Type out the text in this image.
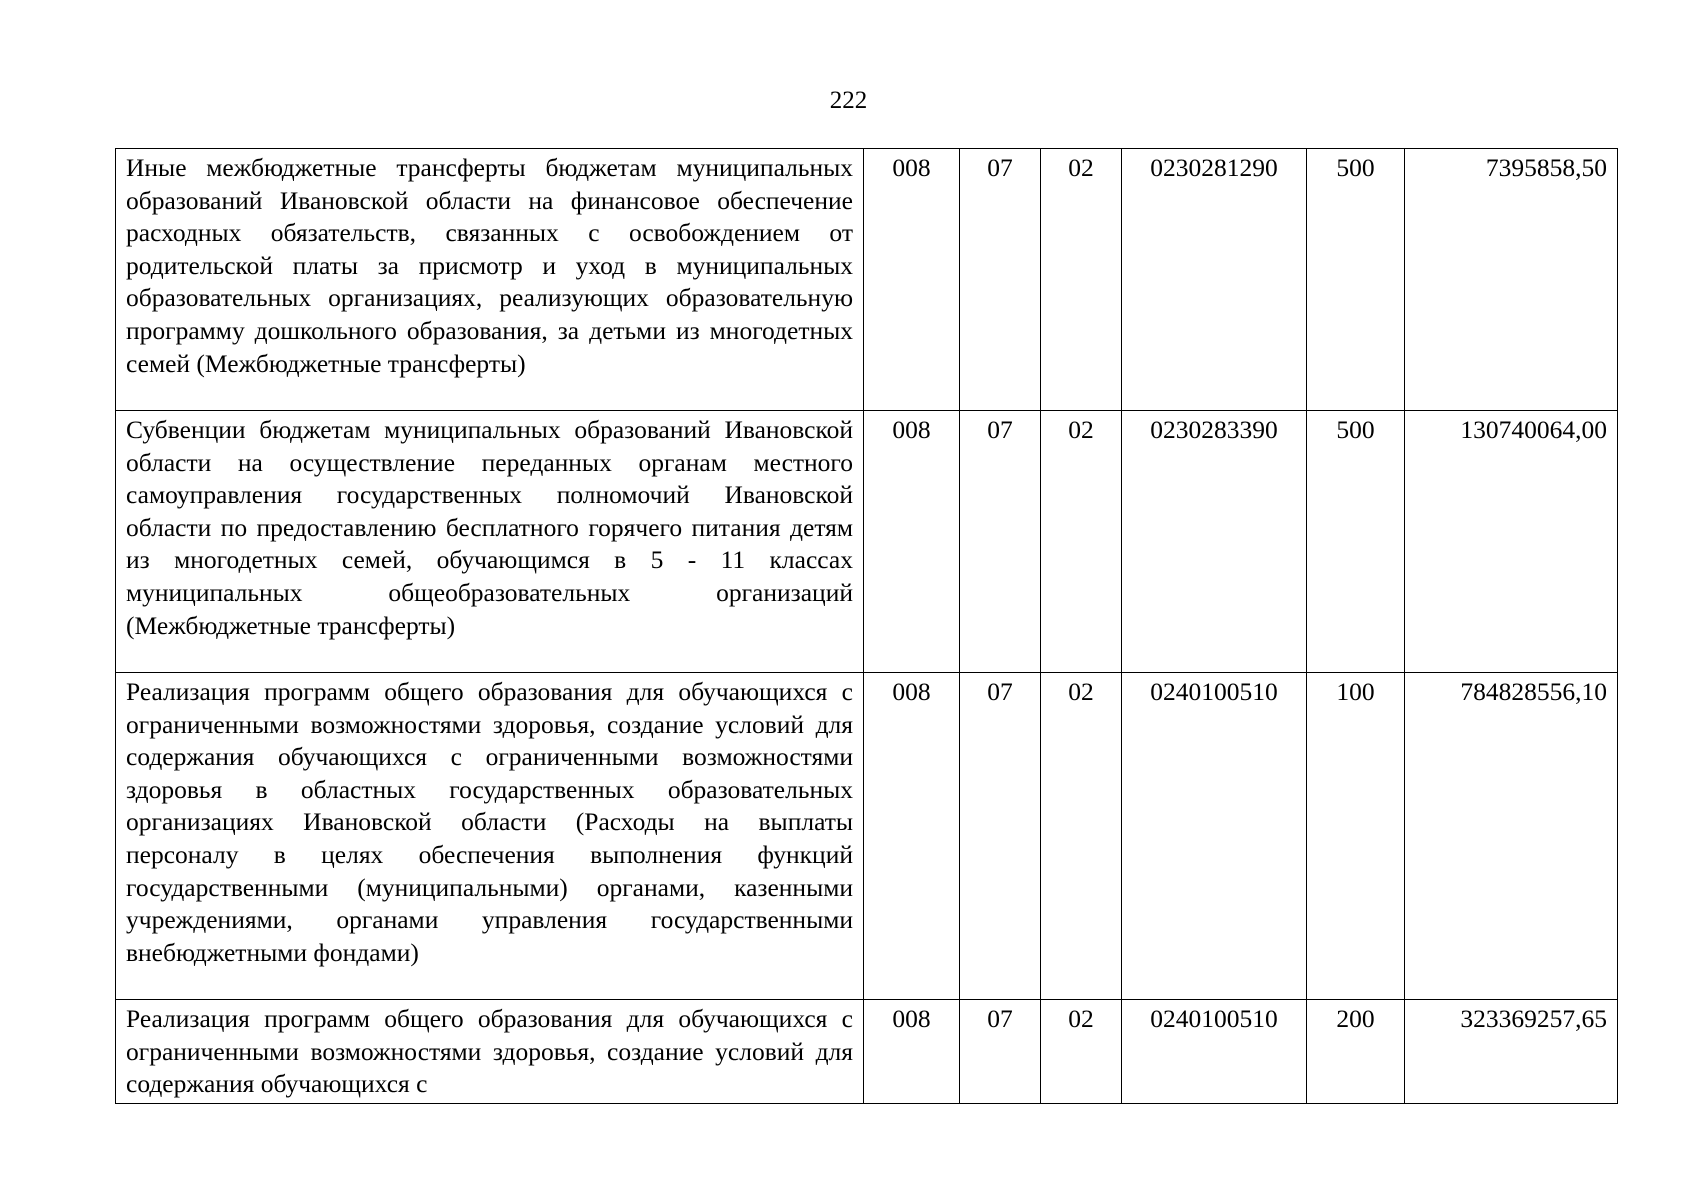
222
Иные межбюджетные трансферты бюджетам муниципальных образований Ивановской области на финансовое обеспечение расходных обязательств, связанных с освобождением от родительской платы за присмотр и уход в муниципальных образовательных организациях, реализующих образовательную программу дошкольного образования, за детьми из многодетных семей (Межбюджетные трансферты)	008	07	02	0230281290	500	7395858,50
Субвенции бюджетам муниципальных образований Ивановской области на осуществление переданных органам местного самоуправления государственных полномочий Ивановской области по предоставлению бесплатного горячего питания детям из многодетных семей, обучающимся в 5 - 11 классах муниципальных общеобразовательных организаций (Межбюджетные трансферты)	008	07	02	0230283390	500	130740064,00
Реализация программ общего образования для обучающихся с ограниченными возможностями здоровья, создание условий для содержания обучающихся с ограниченными возможностями здоровья в областных государственных образовательных организациях Ивановской области (Расходы на выплаты персоналу в целях обеспечения выполнения функций государственными (муниципальными) органами, казенными учреждениями, органами управления государственными внебюджетными фондами)	008	07	02	0240100510	100	784828556,10
Реализация программ общего образования для обучающихся с ограниченными возможностями здоровья, создание условий для содержания обучающихся с	008	07	02	0240100510	200	323369257,65
